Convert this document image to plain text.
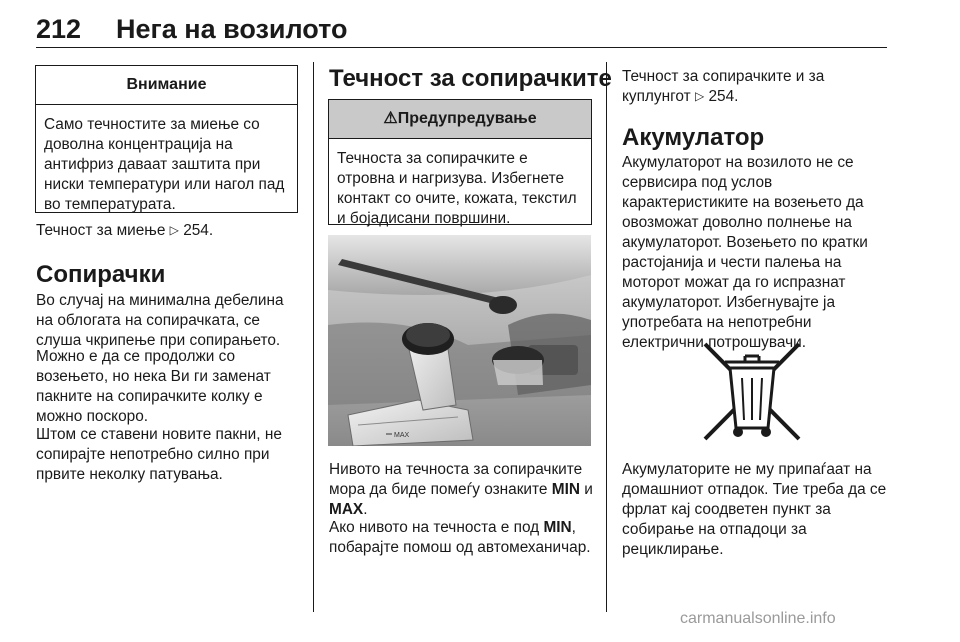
212 Нега на возилото
Внимание

Само течностите за миење со доволна концентрација на антифриз даваат заштита при ниски температури или нагол пад во температурата.

Течност за миење ▷ 254.

Сопирачки

Во случај на минимална дебелина на облогата на сопирачката, се слуша чкрипење при сопирањето.

Можно е да се продолжи со возењето, но нека Ви ги заменат пакните на сопирачките колку е можно поскоро.

Штом се ставени новите пакни, не сопирајте непотребно силно при првите неколку патувања.

Течност за сопирачките
⚠Предупредување

Течноста за сопирачките е отровна и нагризува. Избегнете контакт со очите, кожата, текстил и бојадисани површини.

MAX

Нивото на течноста за сопирачките мора да биде помеѓу ознаките MIN и MAX.

Ако нивото на течноста е под MIN, побарајте помош од автомеханичар.

Течност за сопирачките и за куплунгот ▷ 254.

Акумулатор

Акумулаторот на возилото не се сервисира под услов карактеристиките на возењето да овозможат доволно полнење на акумулаторот. Возењето по кратки растојанија и чести палења на моторот можат да го испразнат акумулаторот. Избегнувајте ја употребата на непотребни електрични потрошувачи.

Акумулаторите не му припаѓаат на домашниот отпадок. Тие треба да се фрлат кај соодветен пункт за собирање на отпадоци за рециклирање.

carmanualsonline.info
